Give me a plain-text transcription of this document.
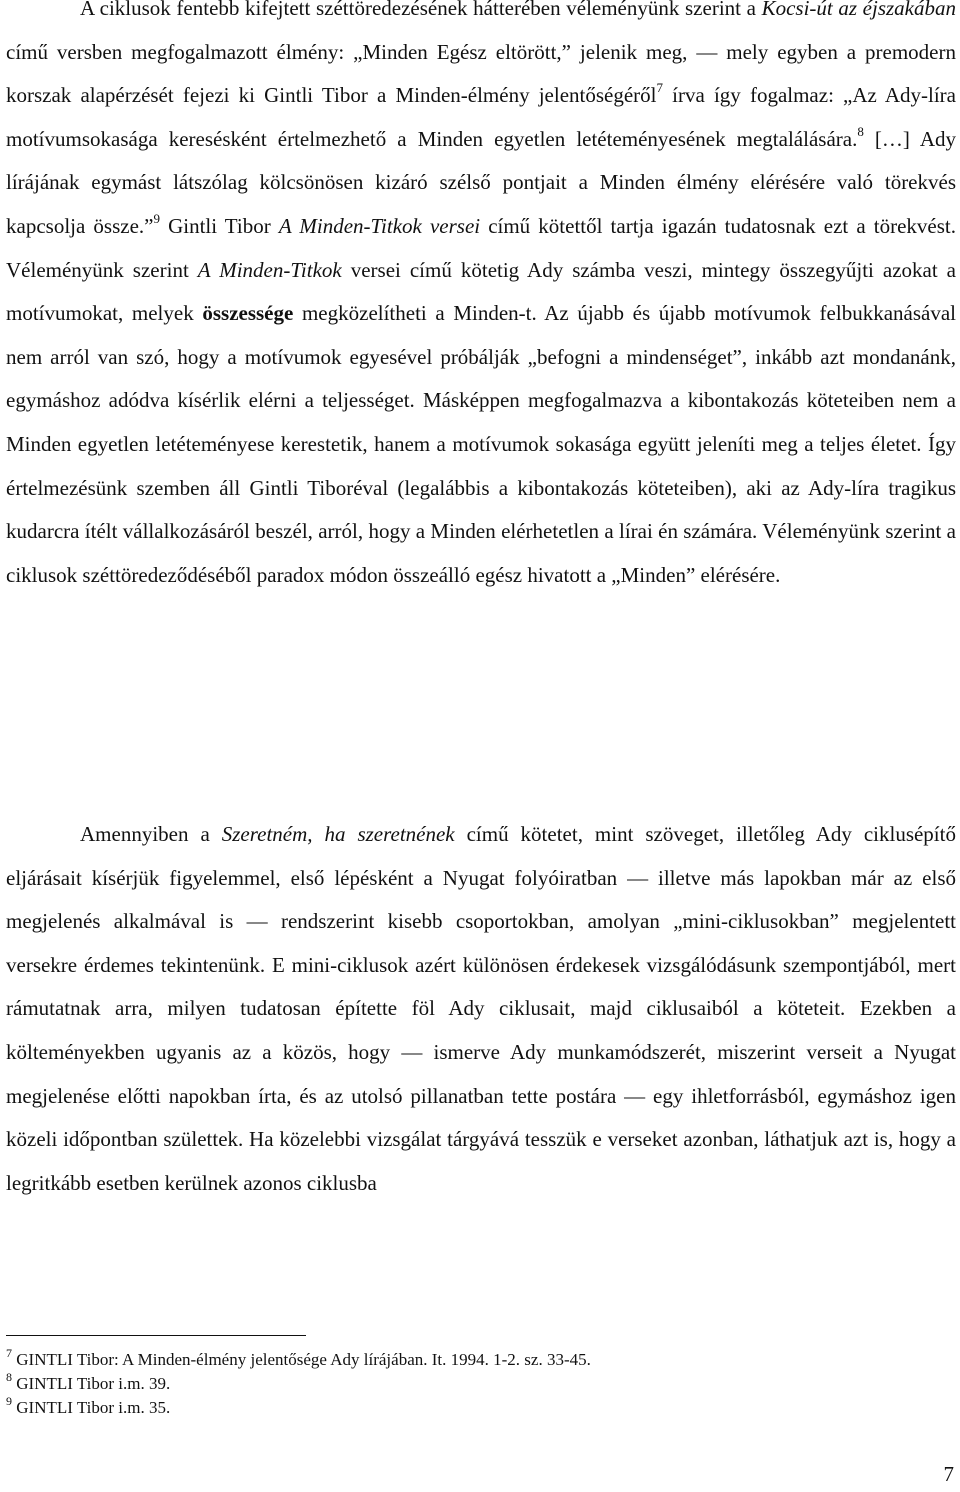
A ciklusok fentebb kifejtett széttöredezésének hátterében véleményünk szerint a Kocsi-út az éjszakában című versben megfogalmazott élmény: „Minden Egész eltörött,” jelenik meg, — mely egyben a premodern korszak alapérzését fejezi ki Gintli Tibor a Minden-élmény jelentőségéről$^7$ írva így fogalmaz: „Az Ady-líra motívumsokasága keresésként értelmezhető a Minden egyetlen letéteményesének megtalálására.$^8$ […] Ady lírájának egymást látszólag kölcsönösen kizáró szélső pontjait a Minden élmény elérésére való törekvés kapcsolja össze.”$^9$ Gintli Tibor A Minden-Titkok versei című kötettől tartja igazán tudatosnak ezt a törekvést. Véleményünk szerint A Minden-Titkok versei című kötetig Ady számba veszi, mintegy összegyűjti azokat a motívumokat, melyek összessége megközelítheti a Minden-t. Az újabb és újabb motívumok felbukkanásával nem arról van szó, hogy a motívumok egyesével próbálják „befogni a mindenséget”, inkább azt mondanánk, egymáshoz adódva kísérlik elérni a teljességet. Másképpen megfogalmazva a kibontakozás köteteiben nem a Minden egyetlen letéteményese kerestetik, hanem a motívumok sokasága együtt jeleníti meg a teljes életet. Így értelmezésünk szemben áll Gintli Tiboréval (legalábbis a kibontakozás köteteiben), aki az Ady-líra tragikus kudarcra ítélt vállalkozásáról beszél, arról, hogy a Minden elérhetetlen a lírai én számára. Véleményünk szerint a ciklusok széttöredeződéséből paradox módon összeálló egész hivatott a „Minden” elérésére.

Amennyiben a Szeretném, ha szeretnének című kötetet, mint szöveget, illetőleg Ady ciklusépítő eljárásait kísérjük figyelemmel, első lépésként a Nyugat folyóiratban — illetve más lapokban már az első megjelenés alkalmával is — rendszerint kisebb csoportokban, amolyan „mini-ciklusokban” megjelentett versekre érdemes tekintenünk. E mini-ciklusok azért különösen érdekesek vizsgálódásunk szempontjából, mert rámutatnak arra, milyen tudatosan építette föl Ady ciklusait, majd ciklusaiból a köteteit. Ezekben a költeményekben ugyanis az a közös, hogy — ismerve Ady munkamódszerét, miszerint verseit a Nyugat megjelenése előtti napokban írta, és az utolsó pillanatban tette postára — egy ihletforrásból, egymáshoz igen közeli időpontban születtek. Ha közelebbi vizsgálat tárgyává tesszük e verseket azonban, láthatjuk azt is, hogy a legritkább esetben kerülnek azonos ciklusba

$^7$ GINTLI Tibor: A Minden-élmény jelentősége Ady lírájában. It. 1994. 1-2. sz. 33-45.
$^8$ GINTLI Tibor i.m. 39.
$^9$ GINTLI Tibor i.m. 35.
7
